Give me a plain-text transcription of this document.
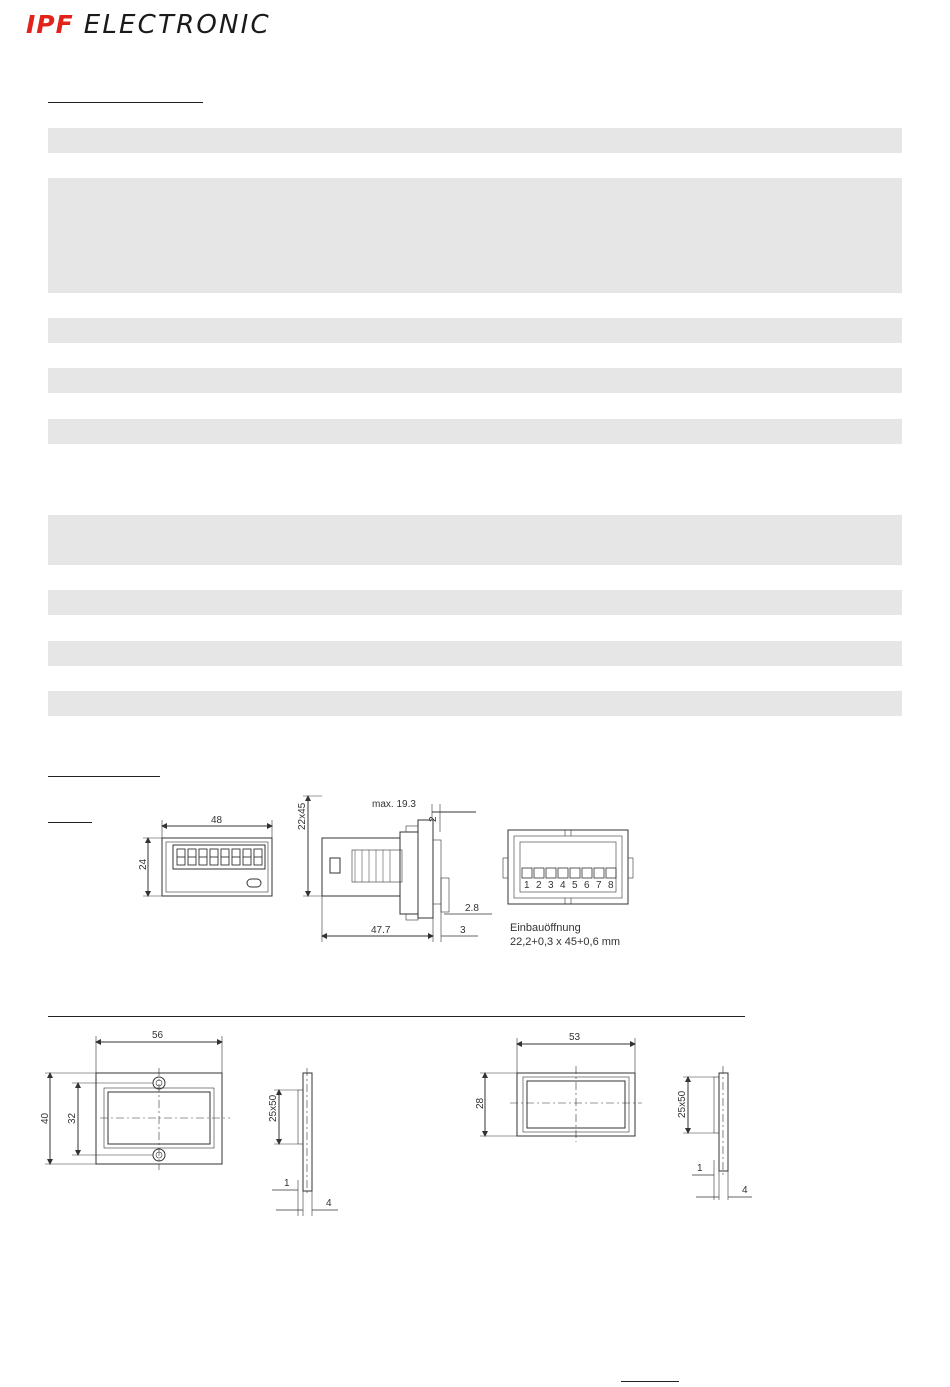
IPF ELECTRONIC
48
24
22x45	max. 19.3
2
2.8
47.7	3
1 2 3 4 5 6 7 8
Einbauöffnung
22,2+0,3 x 45+0,6 mm
56
40 32	25x50
1
4
53
28	25x50
1
4
